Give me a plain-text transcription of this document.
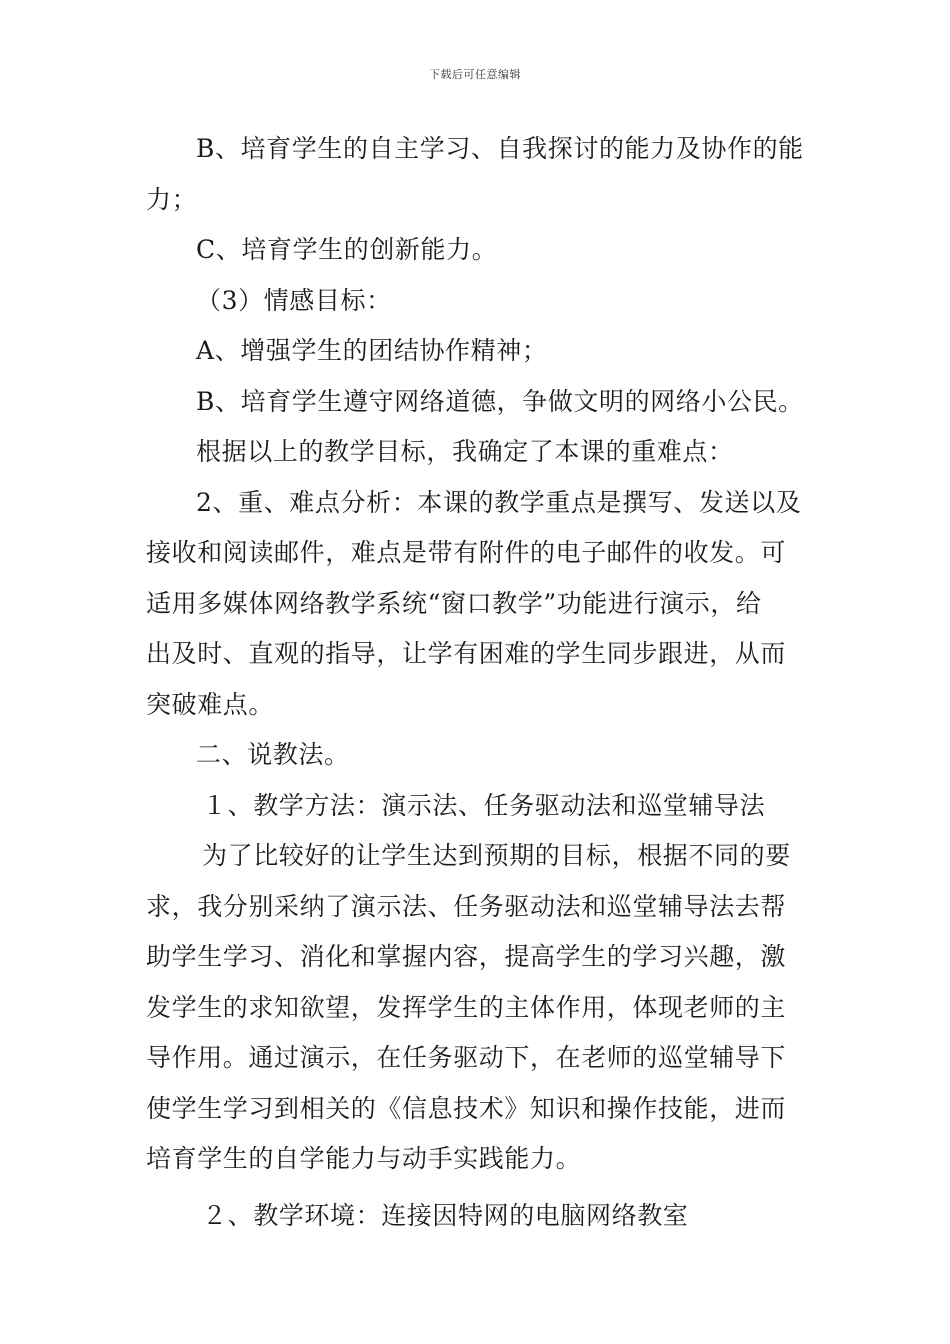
下载后可任意编辑
B、培育学生的自主学习、自我探讨的能力及协作的能
力；
C、培育学生的创新能力。
（3）情感目标：
A、增强学生的团结协作精神；
B、培育学生遵守网络道德，争做文明的网络小公民。
根据以上的教学目标，我确定了本课的重难点：
2、重、难点分析：本课的教学重点是撰写、发送以及
接收和阅读邮件，难点是带有附件的电子邮件的收发。可
适用多媒体网络教学系统“窗口教学”功能进行演示，给
出及时、直观的指导，让学有困难的学生同步跟进，从而
突破难点。
二、说教法。
１、教学方法：演示法、任务驱动法和巡堂辅导法
为了比较好的让学生达到预期的目标，根据不同的要
求，我分别采纳了演示法、任务驱动法和巡堂辅导法去帮
助学生学习、消化和掌握内容，提高学生的学习兴趣，激
发学生的求知欲望，发挥学生的主体作用，体现老师的主
导作用。通过演示，在任务驱动下，在老师的巡堂辅导下
使学生学习到相关的《信息技术》知识和操作技能，进而
培育学生的自学能力与动手实践能力。
２、教学环境：连接因特网的电脑网络教室
